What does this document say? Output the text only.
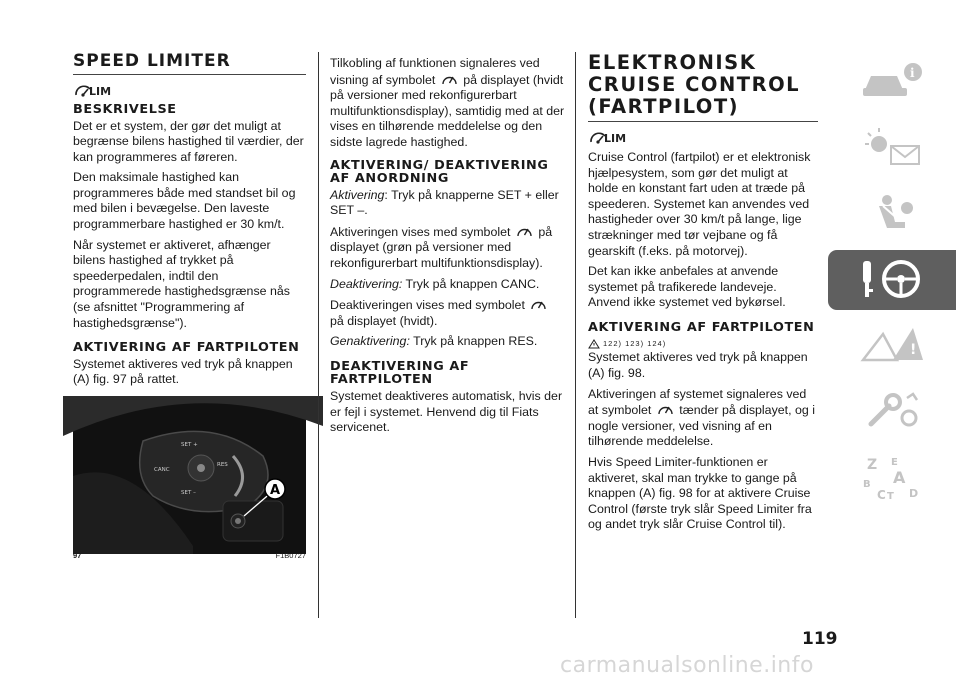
SPEED LIMITER
LIM
BESKRIVELSE

Det er et system, der gør det muligt at begrænse bilens hastighed til værdier, der kan programmeres af føreren.

Den maksimale hastighed kan programmeres både med standset bil og med bilen i bevægelse. Den laveste programmerbare hastighed er 30 km/t.

Når systemet er aktiveret, afhænger bilens hastighed af trykket på speederpedalen, indtil den programmerede hastighedsgrænse nås (se afsnittet "Programmering af hastighedsgrænse").

AKTIVERING AF FARTPILOTEN

Systemet aktiveres ved tryk på knappen (A) fig. 97 på rattet.

A
SET +
CANC
RES
SET –
97	F1B0727

Tilkobling af funktionen signaleres ved visning af symbolet på displayet (hvidt på versioner med rekonfigurerbart multifunktionsdisplay), samtidig med at der vises en tilhørende meddelelse og den sidste lagrede hastighed.

AKTIVERING/ DEAKTIVERING AF ANORDNING

Aktivering: Tryk på knapperne SET + eller SET –.

Aktiveringen vises med symbolet på displayet (grøn på versioner med rekonfigurerbart multifunktionsdisplay).

Deaktivering: Tryk på knappen CANC.

Deaktiveringen vises med symbolet  på displayet (hvidt).

Genaktivering: Tryk på knappen RES.

DEAKTIVERING AF FARTPILOTEN

Systemet deaktiveres automatisk, hvis der er fejl i systemet. Henvend dig til Fiats servicenet.

ELEKTRONISK CRUISE CONTROL (FARTPILOT)
LIM

Cruise Control (fartpilot) er et elektronisk hjælpesystem, som gør det muligt at holde en konstant fart uden at træde på speederen. Systemet kan anvendes ved hastigheder over 30 km/t på lange, lige strækninger med tør vejbane og få gearskift (f.eks. på motorvej).

Det kan ikke anbefales at anvende systemet på trafikerede landeveje. Anvend ikke systemet ved bykørsel.

AKTIVERING AF FARTPILOTEN
$^{122) 123) 124)}$

Systemet aktiveres ved tryk på knappen (A) fig. 98.

Aktiveringen af systemet signaleres ved at symbolet tænder på displayet, og i nogle versioner, ved visning af en tilhørende meddelelse.

Hvis Speed Limiter-funktionen er aktiveret, skal man trykke to gange på knappen (A) fig. 98 for at aktivere Cruise Control (første tryk slår Speed Limiter fra og andet tryk slår Cruise Control til).

i
!
Z E
A
B
C T D
119
carmanualsonline.info
